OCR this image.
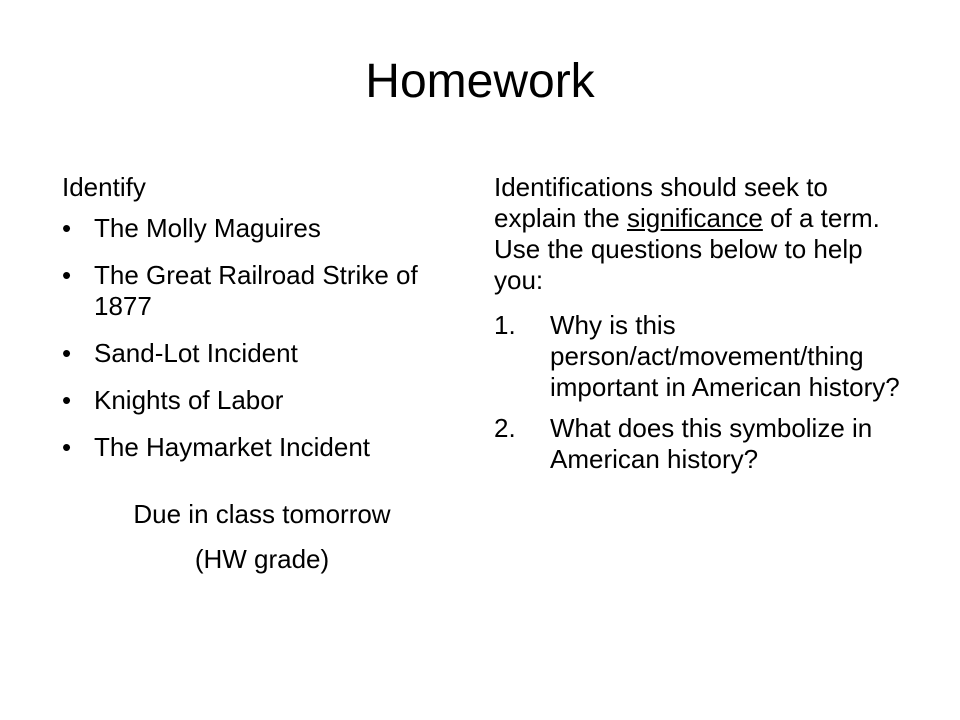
Homework
Identify
• The Molly Maguires
• The Great Railroad Strike of 1877
• Sand-Lot Incident
• Knights of Labor
• The Haymarket Incident
Due in class tomorrow
(HW grade)

Identifications should seek to explain the significance of a term. Use the questions below to help you:

1.	Why is this person/act/movement/thing important in American history?
2.	What does this symbolize in American history?
